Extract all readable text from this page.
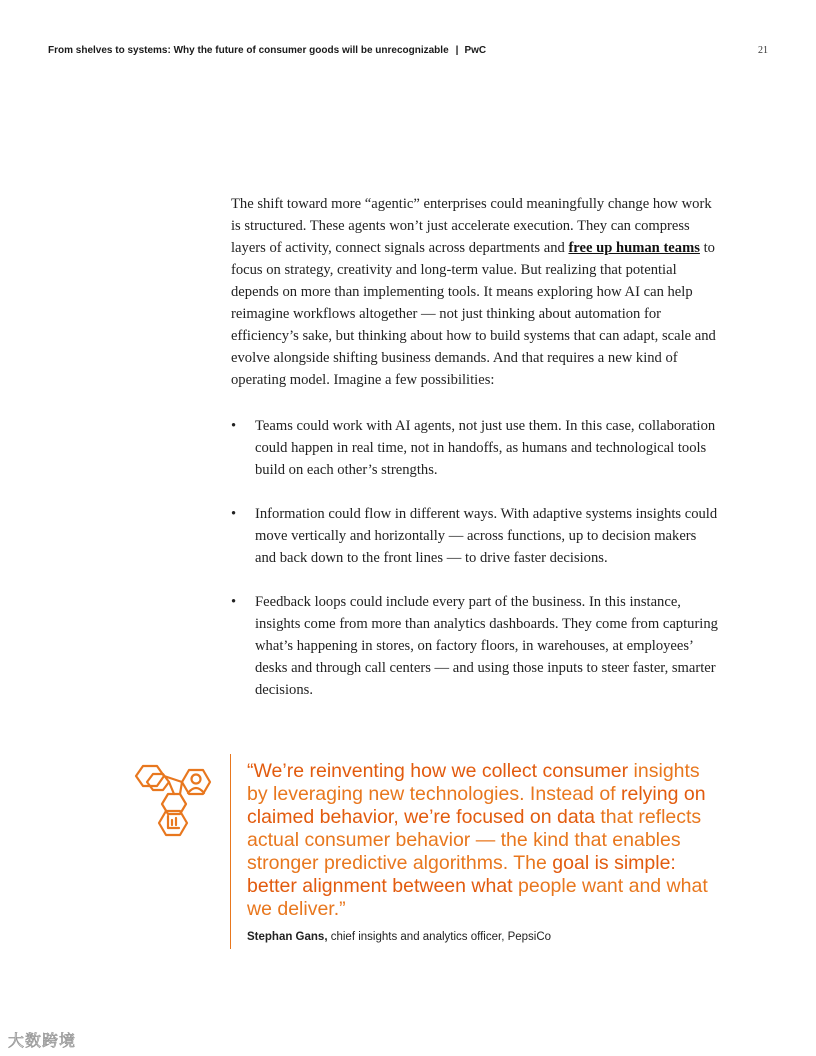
From shelves to systems: Why the future of consumer goods will be unrecognizable | PwC	21

The shift toward more “agentic” enterprises could meaningfully change how work is structured. These agents won’t just accelerate execution. They can compress layers of activity, connect signals across departments and free up human teams to focus on strategy, creativity and long-term value. But realizing that potential depends on more than implementing tools. It means exploring how AI can help reimagine workflows altogether — not just thinking about automation for efficiency’s sake, but thinking about how to build systems that can adapt, scale and evolve alongside shifting business demands. And that requires a new kind of operating model. Imagine a few possibilities:

• Teams could work with AI agents, not just use them. In this case, collaboration could happen in real time, not in handoffs, as humans and technological tools build on each other’s strengths.
• Information could flow in different ways. With adaptive systems insights could move vertically and horizontally — across functions, up to decision makers and back down to the front lines — to drive faster decisions.
• Feedback loops could include every part of the business. In this instance, insights come from more than analytics dashboards. They come from capturing what’s happening in stores, on factory floors, in warehouses, at employees’ desks and through call centers — and using those inputs to steer faster, smarter decisions.

“We’re reinventing how we collect consumer insights by leveraging new technologies. Instead of relying on claimed behavior, we’re focused on data that reflects actual consumer behavior — the kind that enables stronger predictive algorithms. The goal is simple: better alignment between what people want and what we deliver.”

Stephan Gans, chief insights and analytics officer, PepsiCo
大数跨境
